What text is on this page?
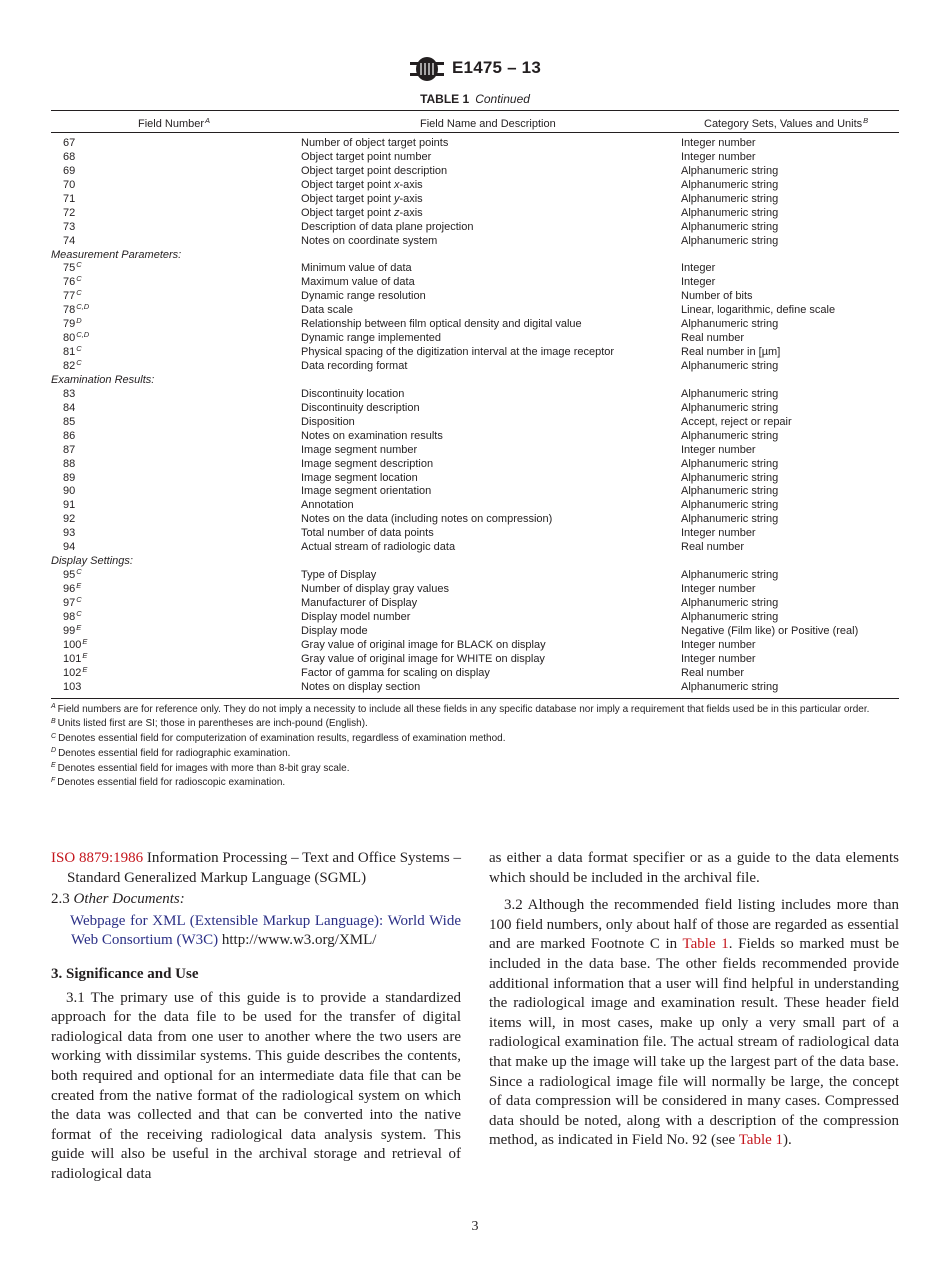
E1475 – 13
TABLE 1 Continued
Field Number$^A$	Field Name and Description	Category Sets, Values and Units$^B$
67	Number of object target points	Integer number
68	Object target point number	Integer number
69	Object target point description	Alphanumeric string
70	Object target point x-axis	Alphanumeric string
71	Object target point y-axis	Alphanumeric string
72	Object target point z-axis	Alphanumeric string
73	Description of data plane projection	Alphanumeric string
74	Notes on coordinate system	Alphanumeric string
Measurement Parameters:
$75^C$	Minimum value of data	Integer
$76^C$	Maximum value of data	Integer
$77^C$	Dynamic range resolution	Number of bits
$78^{C,D}$	Data scale	Linear, logarithmic, define scale
$79^D$	Relationship between film optical density and digital value	Alphanumeric string
$80^{C,D}$	Dynamic range implemented	Real number
$81^C$	Physical spacing of the digitization interval at the image receptor	Real number in [µm]
$82^C$	Data recording format	Alphanumeric string
Examination Results:
83	Discontinuity location	Alphanumeric string
84	Discontinuity description	Alphanumeric string
85	Disposition	Accept, reject or repair
86	Notes on examination results	Alphanumeric string
87	Image segment number	Integer number
88	Image segment description	Alphanumeric string
89	Image segment location	Alphanumeric string
90	Image segment orientation	Alphanumeric string
91	Annotation	Alphanumeric string
92	Notes on the data (including notes on compression)	Alphanumeric string
93	Total number of data points	Integer number
94	Actual stream of radiologic data	Real number
Display Settings:
$95^C$	Type of Display	Alphanumeric string
$96^E$	Number of display gray values	Integer number
$97^C$	Manufacturer of Display	Alphanumeric string
$98^C$	Display model number	Alphanumeric string
$99^E$	Display mode	Negative (Film like) or Positive (real)
$100^E$	Gray value of original image for BLACK on display	Integer number
$101^E$	Gray value of original image for WHITE on display	Integer number
$102^E$	Factor of gamma for scaling on display	Real number
103	Notes on display section	Alphanumeric string
$^A$ Field numbers are for reference only. They do not imply a necessity to include all these fields in any specific database nor imply a requirement that fields used be in this particular order.
$^B$ Units listed first are SI; those in parentheses are inch-pound (English).
$^C$ Denotes essential field for computerization of examination results, regardless of examination method.
$^D$ Denotes essential field for radiographic examination.
$^E$ Denotes essential field for images with more than 8-bit gray scale.
$^F$ Denotes essential field for radioscopic examination.

ISO 8879:1986 Information Processing – Text and Office Systems – Standard Generalized Markup Language (SGML)

2.3 Other Documents:

Webpage for XML (Extensible Markup Language): World Wide Web Consortium (W3C) http://www.w3.org/XML/

3. Significance and Use

3.1 The primary use of this guide is to provide a standardized approach for the data file to be used for the transfer of digital radiological data from one user to another where the two users are working with dissimilar systems. This guide describes the contents, both required and optional for an intermediate data file that can be created from the native format of the radiological system on which the data was collected and that can be converted into the native format of the receiving radiological data analysis system. This guide will also be useful in the archival storage and retrieval of radiological data

as either a data format specifier or as a guide to the data elements which should be included in the archival file.

3.2 Although the recommended field listing includes more than 100 field numbers, only about half of those are regarded as essential and are marked Footnote C in Table 1. Fields so marked must be included in the data base. The other fields recommended provide additional information that a user will find helpful in understanding the radiological image and examination result. These header field items will, in most cases, make up only a very small part of a radiological examination file. The actual stream of radiological data that make up the image will take up the largest part of the data base. Since a radiological image file will normally be large, the concept of data compression will be considered in many cases. Compressed data should be noted, along with a description of the compression method, as indicated in Field No. 92 (see Table 1).

3
